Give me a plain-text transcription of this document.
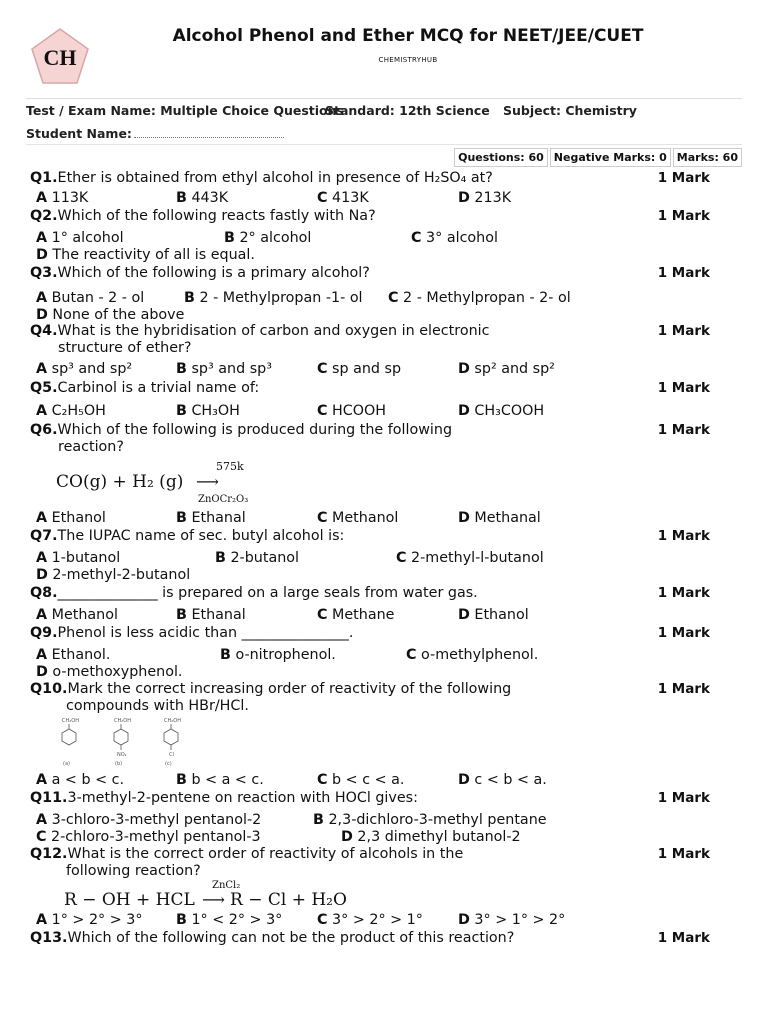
CH
Alcohol Phenol and Ether MCQ for NEET/JEE/CUET
CHEMISTRYHUB
Test / Exam Name: Multiple Choice Questions
Standard: 12th Science Subject: Chemistry
Student Name:
Questions: 60 Negative Marks: 0 Marks: 60
Q1.Ether is obtained from ethyl alcohol in presence of H₂SO₄ at?	1 Mark
A 113K	B 443K	C 413K	D 213K
Q2.Which of the following reacts fastly with Na?	1 Mark
A 1° alcohol	B 2° alcohol	C 3° alcohol
D The reactivity of all is equal.
Q3.Which of the following is a primary alcohol?	1 Mark
A Butan - 2 - ol	B 2 - Methylpropan -1- ol C 2 - Methylpropan - 2- ol
D None of the above
Q4.What is the hybridisation of carbon and oxygen in electronic
structure of ether?
1 Mark
A sp³ and sp²	B sp³ and sp³	C sp and sp	D sp² and sp²
Q5.Carbinol is a trivial name of:	1 Mark
A C₂H₅OH	B CH₃OH	C HCOOH	D CH₃COOH
Q6.Which of the following is produced during the following
reaction?
1 Mark
CO(g) + H₂ (g)
575k
⟶
ZnOCr₂O₃
A Ethanol	B Ethanal	C Methanol	D Methanal
Q7.The IUPAC name of sec. butyl alcohol is:	1 Mark
A 1-butanol	B 2-butanol	C 2-methyl-l-butanol
D 2-methyl-2-butanol
Q8.______________ is prepared on a large seals from water gas.	1 Mark
A Methanol	B Ethanal	C Methane	D Ethanol
Q9.Phenol is less acidic than _______________.	1 Mark
A Ethanol.	B o-nitrophenol.	C o-methylphenol.
D o-methoxyphenol.
Q10.Mark the correct increasing order of reactivity of the following
compounds with HBr/HCl.
1 Mark
CH₂OH
(a)
CH₂OH
NO₂
(b)
CH₂OH
Cl
(c)
A a < b < c.	B b < a < c.	C b < c < a.	D c < b < a.
Q11.3-methyl-2-pentene on reaction with HOCl gives:	1 Mark
A 3-chloro-3-methyl pentanol-2	B 2,3-dichloro-3-methyl pentane
C 2-chloro-3-methyl pentanol-3	D 2,3 dimethyl butanol-2
Q12.What is the correct order of reactivity of alcohols in the
following reaction?
1 Mark
R − OH + HCL
ZnCl₂
⟶ R − Cl + H₂O
A 1° > 2° > 3° B 1° < 2° > 3° C 3° > 2° > 1° D 3° > 1° > 2°
Q13.Which of the following can not be the product of this reaction?	1 Mark
